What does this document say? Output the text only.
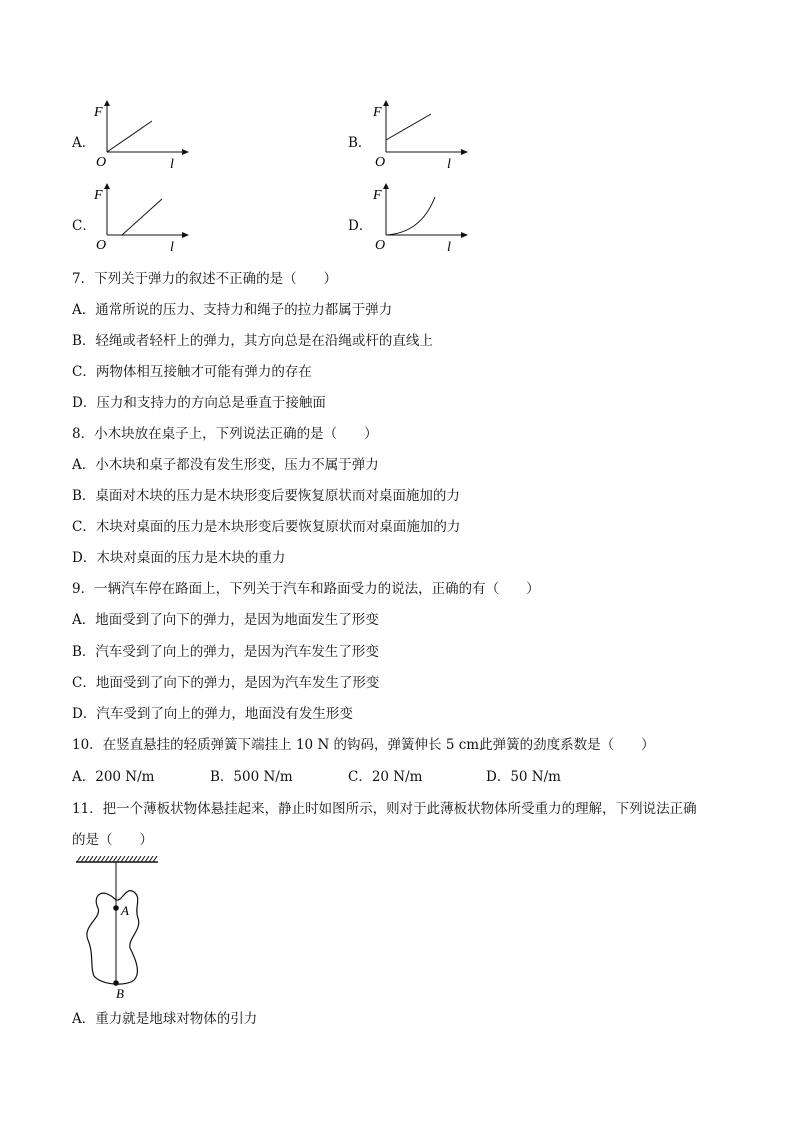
A．
F
O	l
B．
F
O	l
C．
F
O	l
D．
F
O	l
7．下列关于弹力的叙述不正确的是（　　）
A．通常所说的压力、支持力和绳子的拉力都属于弹力
B．轻绳或者轻杆上的弹力，其方向总是在沿绳或杆的直线上
C．两物体相互接触才可能有弹力的存在
D．压力和支持力的方向总是垂直于接触面
8．小木块放在桌子上，下列说法正确的是（　　）
A．小木块和桌子都没有发生形变，压力不属于弹力
B．桌面对木块的压力是木块形变后要恢复原状而对桌面施加的力
C．木块对桌面的压力是木块形变后要恢复原状而对桌面施加的力
D．木块对桌面的压力是木块的重力
9．一辆汽车停在路面上，下列关于汽车和路面受力的说法，正确的有（　　）
A．地面受到了向下的弹力，是因为地面发生了形变
B．汽车受到了向上的弹力，是因为汽车发生了形变
C．地面受到了向下的弹力，是因为汽车发生了形变
D．汽车受到了向上的弹力，地面没有发生形变
10．在竖直悬挂的轻质弹簧下端挂上 10 N 的钩码，弹簧伸长 5 cm此弹簧的劲度系数是（　　）
A．200 N/m	B．500 N/m	C．20 N/m	D．50 N/m
11．把一个薄板状物体悬挂起来，静止时如图所示，则对于此薄板状物体所受重力的理解，下列说法正确
的是（　　）
A
B
A．重力就是地球对物体的引力
